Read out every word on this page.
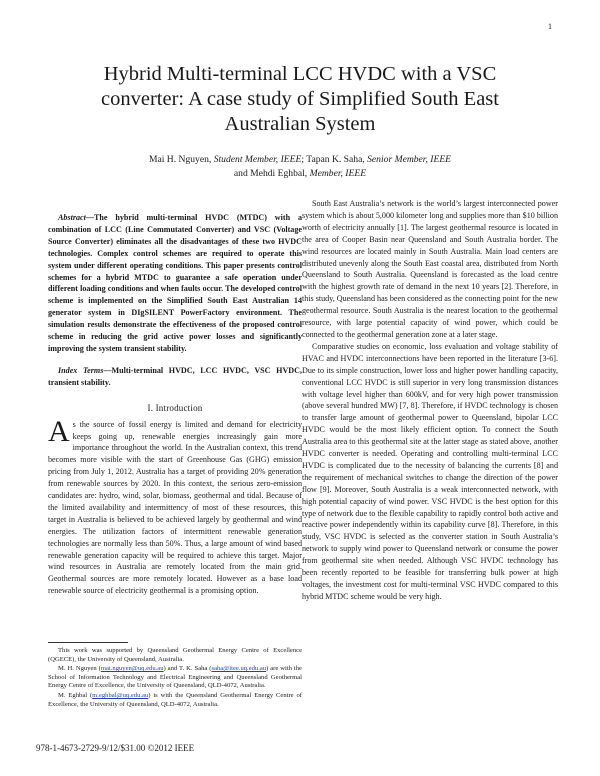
1
Hybrid Multi-terminal LCC HVDC with a VSC
converter: A case study of Simplified South East
Australian System
Mai H. Nguyen, Student Member, IEEE; Tapan K. Saha, Senior Member, IEEE
and Mehdi Eghbal, Member, IEEE

Abstract—The hybrid multi-terminal HVDC (MTDC) with a combination of LCC (Line Commutated Converter) and VSC (Voltage Source Converter) eliminates all the disadvantages of these two HVDC technologies. Complex control schemes are required to operate this system under different operating conditions. This paper presents control schemes for a hybrid MTDC to guarantee a safe operation under different loading conditions and when faults occur. The developed control scheme is implemented on the Simplified South East Australian 14 generator system in DIgSILENT PowerFactory environment. The simulation results demonstrate the effectiveness of the proposed control scheme in reducing the grid active power losses and significantly improving the system transient stability.

Index Terms—Multi-terminal HVDC, LCC HVDC, VSC HVDC, transient stability.

I. Introduction

As the source of fossil energy is limited and demand for electricity keeps going up, renewable energies increasingly gain more importance throughout the world. In the Australian context, this trend becomes more visible with the start of Greenhouse Gas (GHG) emission pricing from July 1, 2012. Australia has a target of providing 20% generation from renewable sources by 2020. In this context, the serious zero-emission candidates are: hydro, wind, solar, biomass, geothermal and tidal. Because of the limited availability and intermittency of most of these resources, this target in Australia is believed to be achieved largely by geothermal and wind energies. The utilization factors of intermittent renewable generation technologies are normally less than 50%. Thus, a large amount of wind based renewable generation capacity will be required to achieve this target. Major wind resources in Australia are remotely located from the main grid. Geothermal sources are more remotely located. However as a base load renewable source of electricity geothermal is a promising option.

South East Australia’s network is the world’s largest interconnected power system which is about 5,000 kilometer long and supplies more than $10 billion worth of electricity annually [1]. The largest geothermal resource is located in the area of Cooper Basin near Queensland and South Australia border. The wind resources are located mainly in South Australia. Main load centers are distributed unevenly along the South East coastal area, distributed from North Queensland to South Australia. Queensland is forecasted as the load centre with the highest growth rate of demand in the next 10 years [2]. Therefore, in this study, Queensland has been considered as the connecting point for the new geothermal resource. South Australia is the nearest location to the geothermal resource, with large potential capacity of wind power, which could be connected to the geothermal generation zone at a later stage.

Comparative studies on economic, loss evaluation and voltage stability of HVAC and HVDC interconnections have been reported in the literature [3-6]. Due to its simple construction, lower loss and higher power handling capacity, conventional LCC HVDC is still superior in very long transmission distances with voltage level higher than 600kV, and for very high power transmission (above several hundred MW) [7, 8]. Therefore, if HVDC technology is chosen to transfer large amount of geothermal power to Queensland, bipolar LCC HVDC would be the most likely efficient option. To connect the South Australia area to this geothermal site at the latter stage as stated above, another HVDC converter is needed. Operating and controlling multi-terminal LCC HVDC is complicated due to the necessity of balancing the currents [8] and the requirement of mechanical switches to change the direction of the power flow [9]. Moreover, South Australia is a weak interconnected network, with high potential capacity of wind power. VSC HVDC is the best option for this type of network due to the flexible capability to rapidly control both active and reactive power independently within its capability curve [8]. Therefore, in this study, VSC HVDC is selected as the converter station in South Australia’s network to supply wind power to Queensland network or consume the power from geothermal site when needed. Although VSC HVDC technology has been recently reported to be feasible for transferring bulk power at high voltages, the investment cost for multi-terminal VSC HVDC compared to this hybrid MTDC scheme would be very high.

This work was supported by Queensland Geothermal Energy Centre of Excellence (QGECE), the University of Queensland, Australia.

M. H. Nguyen (mai.nguyen@uq.edu.au) and T. K. Saha (saha@itee.uq.edu.au) are with the School of Information Technology and Electrical Engineering and Queensland Geothermal Energy Centre of Excellence, the University of Queensland, QLD-4072, Australia.

M. Eghbal (m.eghbal@uq.edu.au) is with the Queensland Geothermal Energy Centre of Excellence, the University of Queensland, QLD-4072, Australia.

978-1-4673-2729-9/12/$31.00 ©2012 IEEE
